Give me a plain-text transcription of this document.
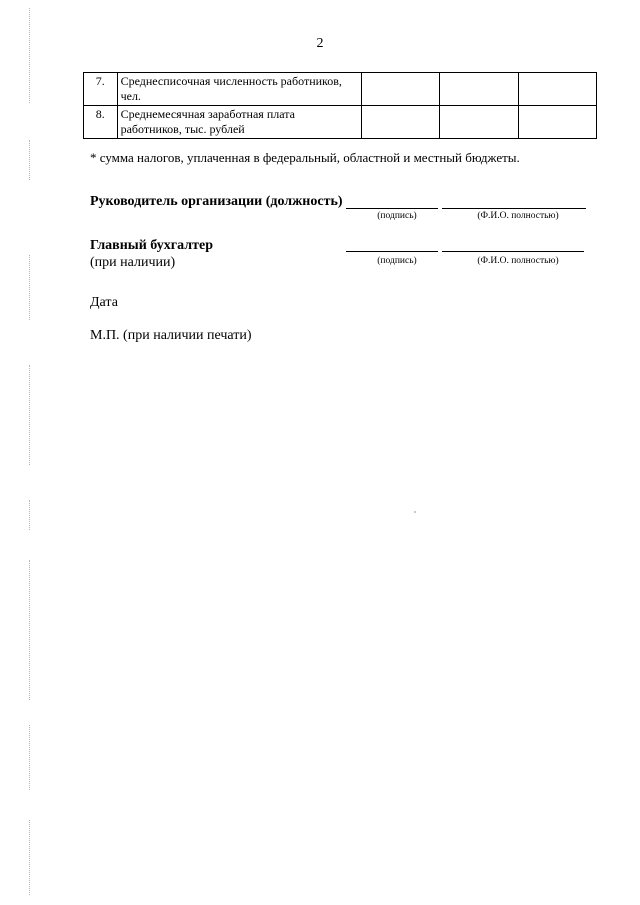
2
7.	Среднесписочная численность работников, чел.			
8.	Среднемесячная заработная плата работников, тыс. рублей			
* сумма налогов, уплаченная в федеральный, областной и местный бюджеты.
Руководитель организации (должность)
(подпись)	(Ф.И.О. полностью)
Главный бухгалтер
(при наличии)	(подпись)	(Ф.И.О. полностью)
Дата
М.П. (при наличии печати)
